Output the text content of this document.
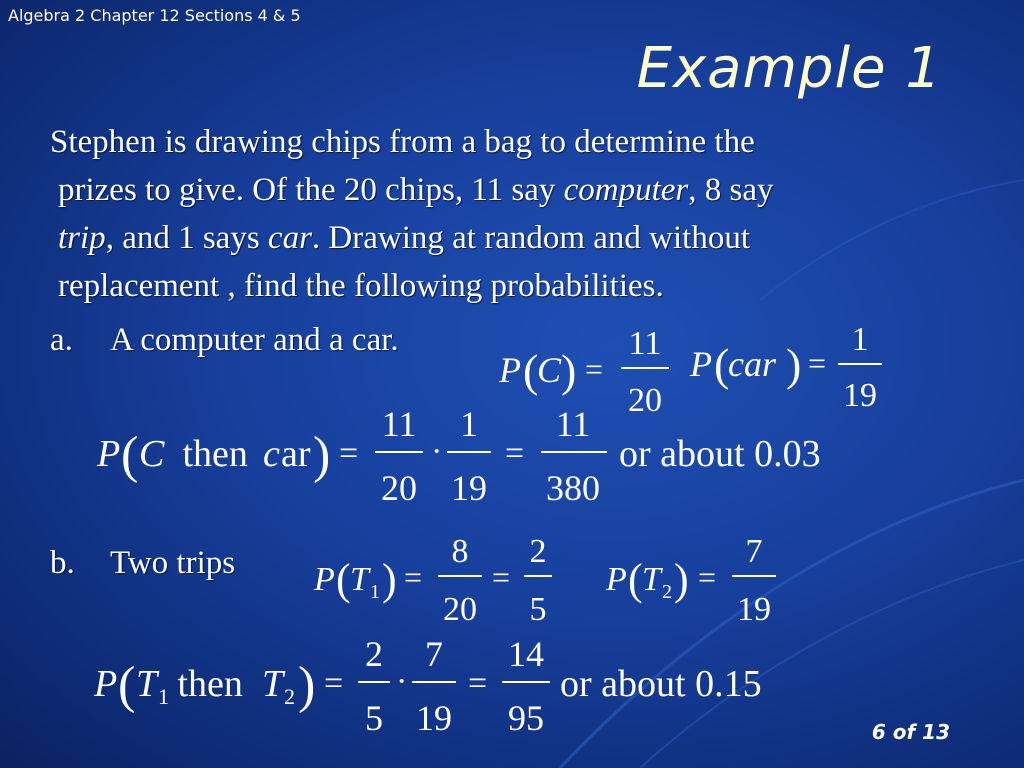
Algebra 2 Chapter 12 Sections 4 & 5
Example 1
Stephen is drawing chips from a bag to determine the
prizes to give. Of the 20 chips, 11 say computer, 8 say
trip, and 1 says car. Drawing at random and without
replacement , find the following probabilities.
a. A computer and a car.
P (
C ) =
11
20
P (
car ) =
1
19
P ( C then c ar ) =
11
20
·
1
19
=
11
380
or about 0.03
b. Two trips P ( T 1 ) =
8
20
=
2
5
P ( T 2 ) =
7
19
P ( T 1 then T 2 ) =
2
5
·
7
19
=
14
95
or about 0.15
6 of 13
